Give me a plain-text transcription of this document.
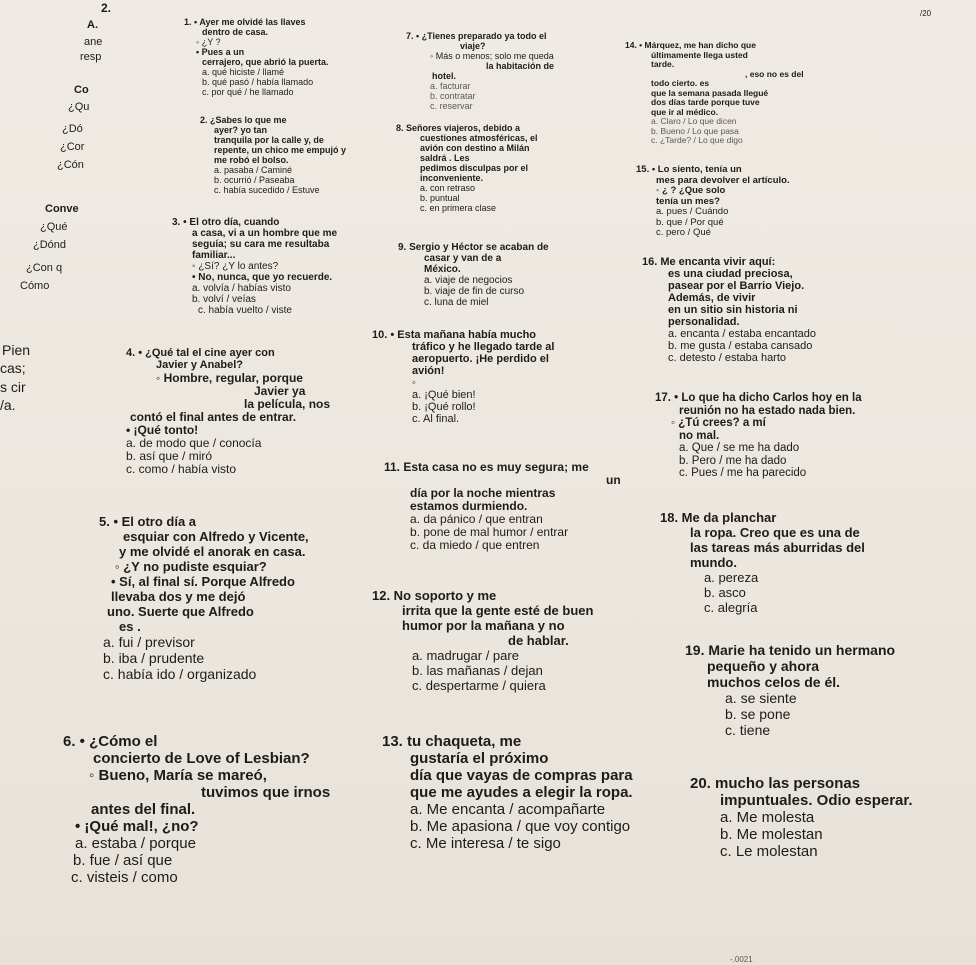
2.	/20
-.0021

A.

ane

resp

Co

¿Qu

¿Dó

¿Cor

¿Cón

Conve

¿Qué

¿Dónd

¿Con q

Cómo

Pien

cas;

s cir

/a.

1. • Ayer me olvidé las llaves

dentro de casa.

◦ ¿Y ?

• Pues a un

cerrajero, que abrió la puerta.

a. qué hiciste / llamé

b. qué pasó / había llamado

c. por qué / he llamado

2. ¿Sabes lo que me

ayer? yo tan

tranquila por la calle y, de

repente, un chico me empujó y

me robó el bolso.

a. pasaba / Caminé

b. ocurrió / Paseaba

c. había sucedido / Estuve

3. • El otro día, cuando

a casa, vi a un hombre que me

seguía; su cara me resultaba

familiar...

◦ ¿Sí? ¿Y lo antes?

• No, nunca, que yo recuerde.

a. volvía / habías visto

b. volví / veías

c. había vuelto / viste

4. • ¿Qué tal el cine ayer con

Javier y Anabel?

◦ Hombre, regular, porque

Javier ya

la película, nos

contó el final antes de entrar.

• ¡Qué tonto!

a. de modo que / conocía

b. así que / miró

c. como / había visto

5. • El otro día a

esquiar con Alfredo y Vicente,

y me olvidé el anorak en casa.

◦ ¿Y no pudiste esquiar?

• Sí, al final sí. Porque Alfredo

llevaba dos y me dejó

uno. Suerte que Alfredo

es .

a. fui / previsor

b. iba / prudente

c. había ido / organizado

6. • ¿Cómo el

concierto de Love of Lesbian?

◦ Bueno, María se mareó,

tuvimos que irnos

antes del final.

• ¡Qué mal!, ¿no?

a. estaba / porque

b. fue / así que

c. visteis / como

7. • ¿Tienes preparado ya todo el

viaje?

◦ Más o menos; solo me queda

la habitación de

hotel.

a. facturar

b. contratar

c. reservar

8. Señores viajeros, debido a

cuestiones atmosféricas, el

avión con destino a Milán

saldrá . Les

pedimos disculpas por el

inconveniente.

a. con retraso

b. puntual

c. en primera clase

9. Sergio y Héctor se acaban de

casar y van de a

México.

a. viaje de negocios

b. viaje de fin de curso

c. luna de miel

10. • Esta mañana había mucho

tráfico y he llegado tarde al

aeropuerto. ¡He perdido el

avión!

◦

a. ¡Qué bien!

b. ¡Qué rollo!

c. Al final.

11. Esta casa no es muy segura; me

un

día por la noche mientras

estamos durmiendo.

a. da pánico / que entran

b. pone de mal humor / entrar

c. da miedo / que entren

12. No soporto y me

irrita que la gente esté de buen

humor por la mañana y no

de hablar.

a. madrugar / pare

b. las mañanas / dejan

c. despertarme / quiera

13. tu chaqueta, me

gustaría el próximo

día que vayas de compras para

que me ayudes a elegir la ropa.

a. Me encanta / acompañarte

b. Me apasiona / que voy contigo

c. Me interesa / te sigo

14. • Márquez, me han dicho que

últimamente llega usted

tarde.

, eso no es del

todo cierto. es

que la semana pasada llegué

dos días tarde porque tuve

que ir al médico.

a. Claro / Lo que dicen

b. Bueno / Lo que pasa

c. ¿Tarde? / Lo que digo

15. • Lo siento, tenía un

mes para devolver el artículo.

◦ ¿ ? ¿Que solo

tenía un mes?

a. pues / Cuándo

b. que / Por qué

c. pero / Qué

16. Me encanta vivir aquí:

es una ciudad preciosa,

pasear por el Barrio Viejo.

Además, de vivir

en un sitio sin historia ni

personalidad.

a. encanta / estaba encantado

b. me gusta / estaba cansado

c. detesto / estaba harto

17. • Lo que ha dicho Carlos hoy en la

reunión no ha estado nada bien.

◦ ¿Tú crees? a mí

no mal.

a. Que / se me ha dado

b. Pero / me ha dado

c. Pues / me ha parecido

18. Me da planchar

la ropa. Creo que es una de

las tareas más aburridas del

mundo.

a. pereza

b. asco

c. alegría

19. Marie ha tenido un hermano

pequeño y ahora

muchos celos de él.

a. se siente

b. se pone

c. tiene

20. mucho las personas

impuntuales. Odio esperar.

a. Me molesta

b. Me molestan

c. Le molestan
